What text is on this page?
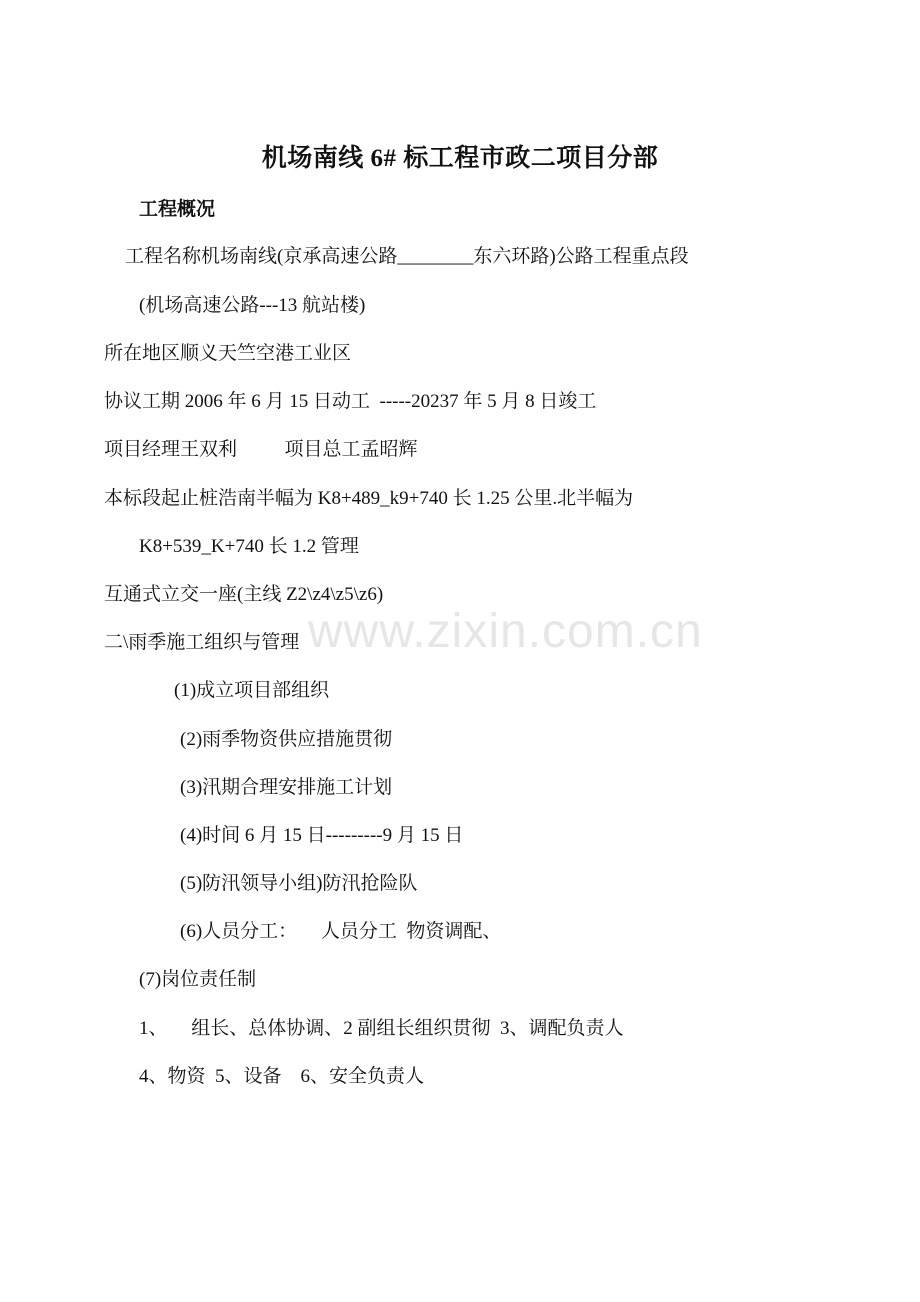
www.zixin.com.cn
机场南线 6# 标工程市政二项目分部
工程概况
工程名称机场南线(京承高速公路________东六环路)公路工程重点段
(机场高速公路---13 航站楼)
所在地区顺义天竺空港工业区
协议工期 2006 年 6 月 15 日动工  -----20237 年 5 月 8 日竣工
项目经理王双利          项目总工孟昭辉
本标段起止桩浩南半幅为 K8+489_k9+740 长 1.25 公里.北半幅为
K8+539_K+740 长 1.2 管理
互通式立交一座(主线 Z2\z4\z5\z6)
二\雨季施工组织与管理
(1)成立项目部组织
(2)雨季物资供应措施贯彻
(3)汛期合理安排施工计划
(4)时间 6 月 15 日---------9 月 15 日
(5)防汛领导小组)防汛抢险队
(6)人员分工：     人员分工  物资调配、
(7)岗位责任制
1、     组长、总体协调、2 副组长组织贯彻  3、调配负责人
4、物资  5、设备    6、安全负责人
